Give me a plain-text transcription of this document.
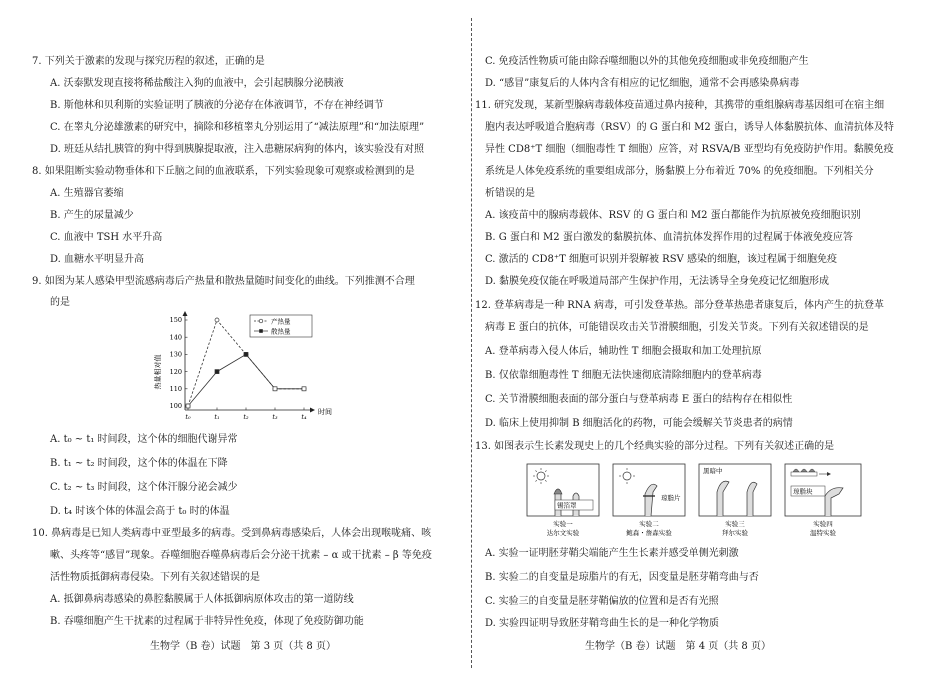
7. 下列关于激素的发现与探究历程的叙述，正确的是
A. 沃泰默发现直接将稀盐酸注入狗的血液中，会引起胰腺分泌胰液
B. 斯他林和贝利斯的实验证明了胰液的分泌存在体液调节，不存在神经调节
C. 在睾丸分泌雄激素的研究中，摘除和移植睾丸分别运用了“减法原理”和“加法原理”
D. 班廷从结扎胰管的狗中得到胰腺提取液，注入患糖尿病狗的体内，该实验没有对照
8. 如果阻断实验动物垂体和下丘脑之间的血液联系，下列实验现象可观察或检测到的是
A. 生殖器官萎缩
B. 产生的尿量减少
C. 血液中 TSH 水平升高
D. 血糖水平明显升高
9. 如图为某人感染甲型流感病毒后产热量和散热量随时间变化的曲线。下列推测不合理
的是
热量相对值
100
110
120
130
140
150
t₀	t₁	t₂	t₃	t₄
时间
产热量
散热量
A. t₀ ~ t₁ 时间段，这个体的细胞代谢异常
B. t₁ ~ t₂ 时间段，这个体的体温在下降
C. t₂ ~ t₃ 时间段，这个体汗腺分泌会减少
D. t₄ 时该个体的体温会高于 t₀ 时的体温
10. 鼻病毒是已知人类病毒中亚型最多的病毒。受到鼻病毒感染后，人体会出现喉咙痛、咳
嗽、头疼等“感冒”现象。吞噬细胞吞噬鼻病毒后会分泌干扰素 – α 或干扰素 – β 等免疫
活性物质抵御病毒侵染。下列有关叙述错误的是
A. 抵御鼻病毒感染的鼻腔黏膜属于人体抵御病原体攻击的第一道防线
B. 吞噬细胞产生干扰素的过程属于非特异性免疫，体现了免疫防御功能
生物学（B 卷）试题　第 3 页（共 8 页）
C. 免疫活性物质可能由除吞噬细胞以外的其他免疫细胞或非免疫细胞产生
D. “感冒”康复后的人体内含有相应的记忆细胞，通常不会再感染鼻病毒
11. 研究发现，某新型腺病毒载体疫苗通过鼻内接种，其携带的重组腺病毒基因组可在宿主细
胞内表达呼吸道合胞病毒（RSV）的 G 蛋白和 M2 蛋白，诱导人体黏膜抗体、血清抗体及特
异性 CD8⁺T 细胞（细胞毒性 T 细胞）应答，对 RSVA/B 亚型均有免疫防护作用。黏膜免疫
系统是人体免疫系统的重要组成部分，肠黏膜上分布着近 70% 的免疫细胞。下列相关分
析错误的是
A. 该疫苗中的腺病毒载体、RSV 的 G 蛋白和 M2 蛋白都能作为抗原被免疫细胞识别
B. G 蛋白和 M2 蛋白激发的黏膜抗体、血清抗体发挥作用的过程属于体液免疫应答
C. 激活的 CD8⁺T 细胞可识别并裂解被 RSV 感染的细胞，该过程属于细胞免疫
D. 黏膜免疫仅能在呼吸道局部产生保护作用，无法诱导全身免疫记忆细胞形成
12. 登革病毒是一种 RNA 病毒，可引发登革热。部分登革热患者康复后，体内产生的抗登革
病毒 E 蛋白的抗体，可能错误攻击关节滑膜细胞，引发关节炎。下列有关叙述错误的是
A. 登革病毒入侵人体后，辅助性 T 细胞会摄取和加工处理抗原
B. 仅依靠细胞毒性 T 细胞无法快速彻底清除细胞内的登革病毒
C. 关节滑膜细胞表面的部分蛋白与登革病毒 E 蛋白的结构存在相似性
D. 临床上使用抑制 B 细胞活化的药物，可能会缓解关节炎患者的病情
13. 如图表示生长素发现史上的几个经典实验的部分过程。下列有关叙述正确的是
锡箔罩
琼脂片
黑暗中
琼脂块
实验一
达尔文实验
实验二
鲍森・詹森实验
实验三
拜尔实验
实验四
温特实验
A. 实验一证明胚芽鞘尖端能产生生长素并感受单侧光刺激
B. 实验二的自变量是琼脂片的有无，因变量是胚芽鞘弯曲与否
C. 实验三的自变量是胚芽鞘偏放的位置和是否有光照
D. 实验四证明导致胚芽鞘弯曲生长的是一种化学物质
生物学（B 卷）试题　第 4 页（共 8 页）
